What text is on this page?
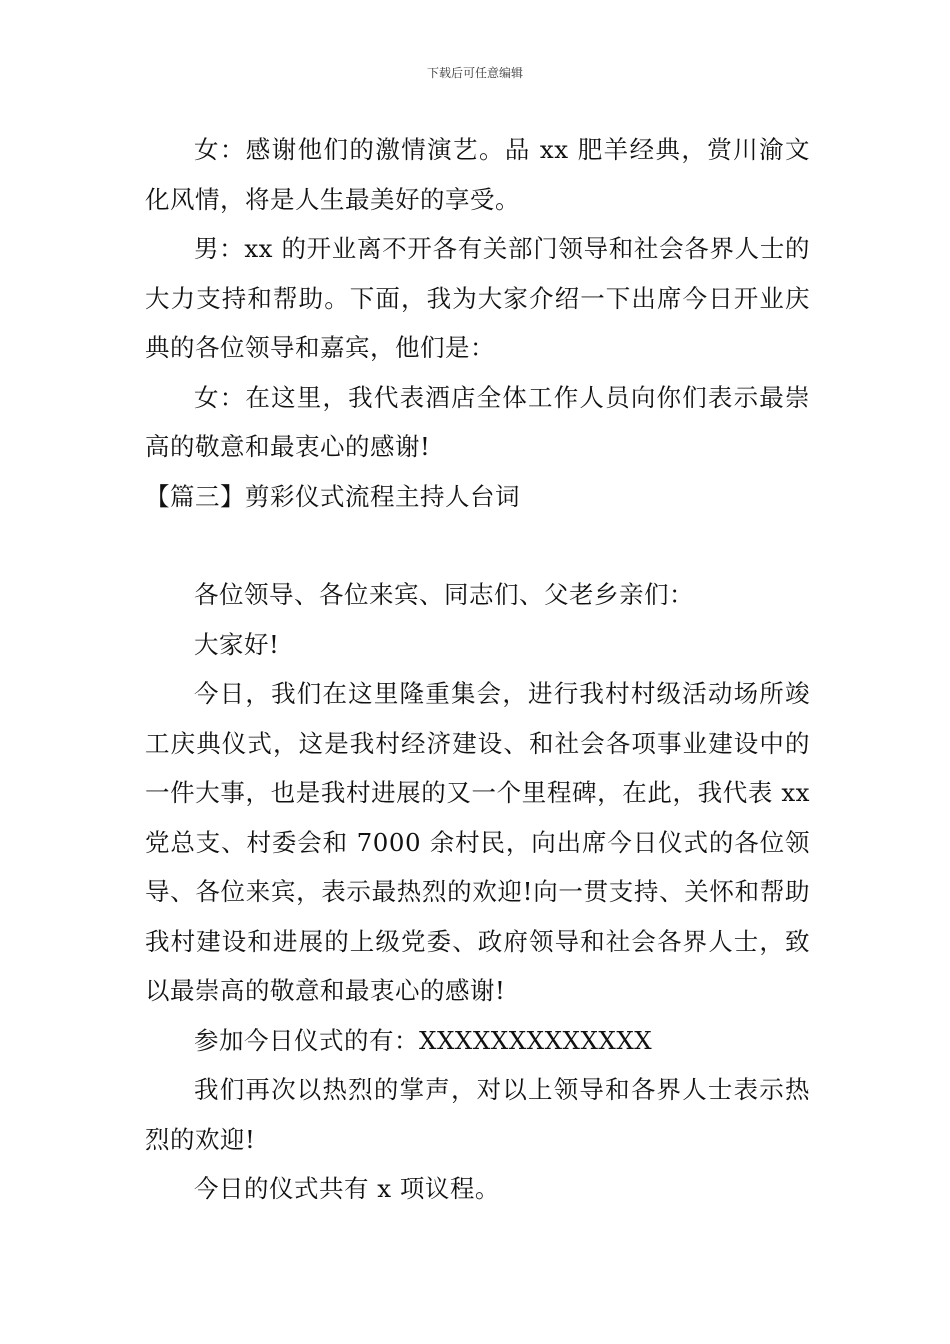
下载后可任意编辑

女：感谢他们的激情演艺。品 xx 肥羊经典，赏川渝文化风情，将是人生最美好的享受。

男：xx 的开业离不开各有关部门领导和社会各界人士的大力支持和帮助。下面，我为大家介绍一下出席今日开业庆典的各位领导和嘉宾，他们是：

女：在这里，我代表酒店全体工作人员向你们表示最崇高的敬意和最衷心的感谢!

【篇三】剪彩仪式流程主持人台词

各位领导、各位来宾、同志们、父老乡亲们：

大家好!

今日，我们在这里隆重集会，进行我村村级活动场所竣工庆典仪式，这是我村经济建设、和社会各项事业建设中的一件大事，也是我村进展的又一个里程碑，在此，我代表 xx 党总支、村委会和 7000 余村民，向出席今日仪式的各位领导、各位来宾，表示最热烈的欢迎!向一贯支持、关怀和帮助我村建设和进展的上级党委、政府领导和社会各界人士，致以最崇高的敬意和最衷心的感谢!

参加今日仪式的有：XXXXXXXXXXXXX

我们再次以热烈的掌声，对以上领导和各界人士表示热烈的欢迎!

今日的仪式共有 x 项议程。
